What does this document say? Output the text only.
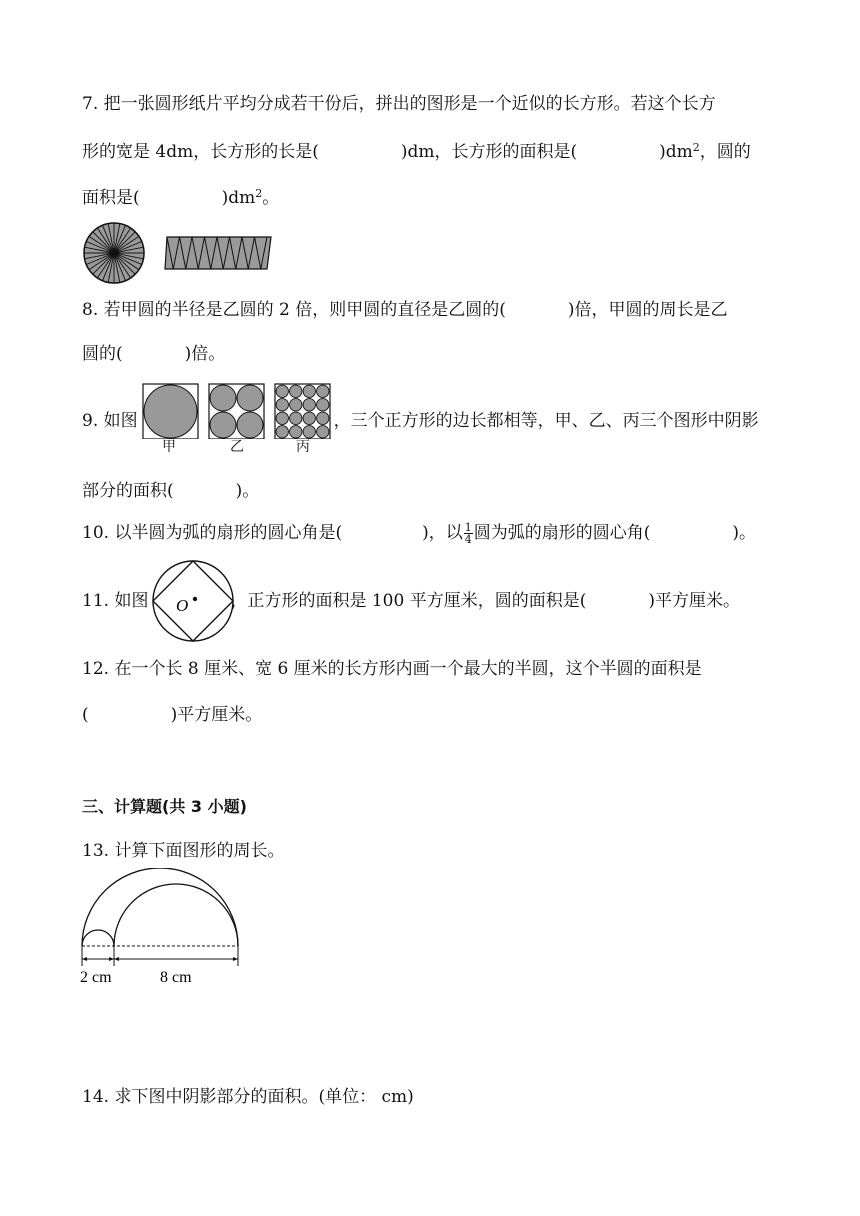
7. 把一张圆形纸片平均分成若干份后，拼出的图形是一个近似的长方形。若这个长方
形的宽是 4dm，长方形的长是(	)dm，长方形的面积是(	)$dm^2$，圆的
面积是(	)$dm^2$。
8. 若甲圆的半径是乙圆的 2 倍，则甲圆的直径是乙圆的(	)倍，甲圆的周长是乙
圆的(	)倍。
9. 如图	，三个正方形的边长都相等，甲、乙、丙三个图形中阴影
甲	乙	丙
部分的面积(	)。
10. 以半圆为弧的扇形的圆心角是(	)，以 $\frac{1}{4}$ 圆为弧的扇形的圆心角(	)。
11. 如图	，正方形的面积是 100 平方厘米，圆的面积是(	)平方厘米。
O
12. 在一个长 8 厘米、宽 6 厘米的长方形内画一个最大的半圆，这个半圆的面积是
(	)平方厘米。
三、计算题(共 3 小题)
13. 计算下面图形的周长。
2 cm	8 cm
14. 求下图中阴影部分的面积。(单位： cm)
